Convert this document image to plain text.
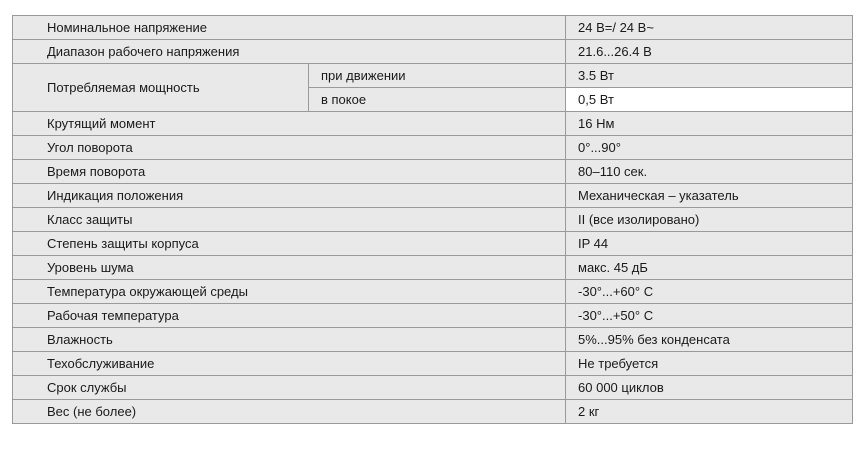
Номинальное напряжение		24 В=/ 24 В~
Диапазон рабочего напряжения		21.6...26.4 В
Потребляемая мощность	при движении	3.5 Вт
	в покое	0,5 Вт
Крутящий момент		16 Нм
Угол поворота		0°...90°
Время поворота		80–110 сек.
Индикация положения		Механическая – указатель
Класс защиты		II (все изолировано)
Степень защиты корпуса		IP 44
Уровень шума		макс. 45 дБ
Температура окружающей среды		-30°...+60° С
Рабочая температура		-30°...+50° С
Влажность		5%...95% без конденсата
Техобслуживание		Не требуется
Срок службы		60 000 циклов
Вес (не более)		2 кг
